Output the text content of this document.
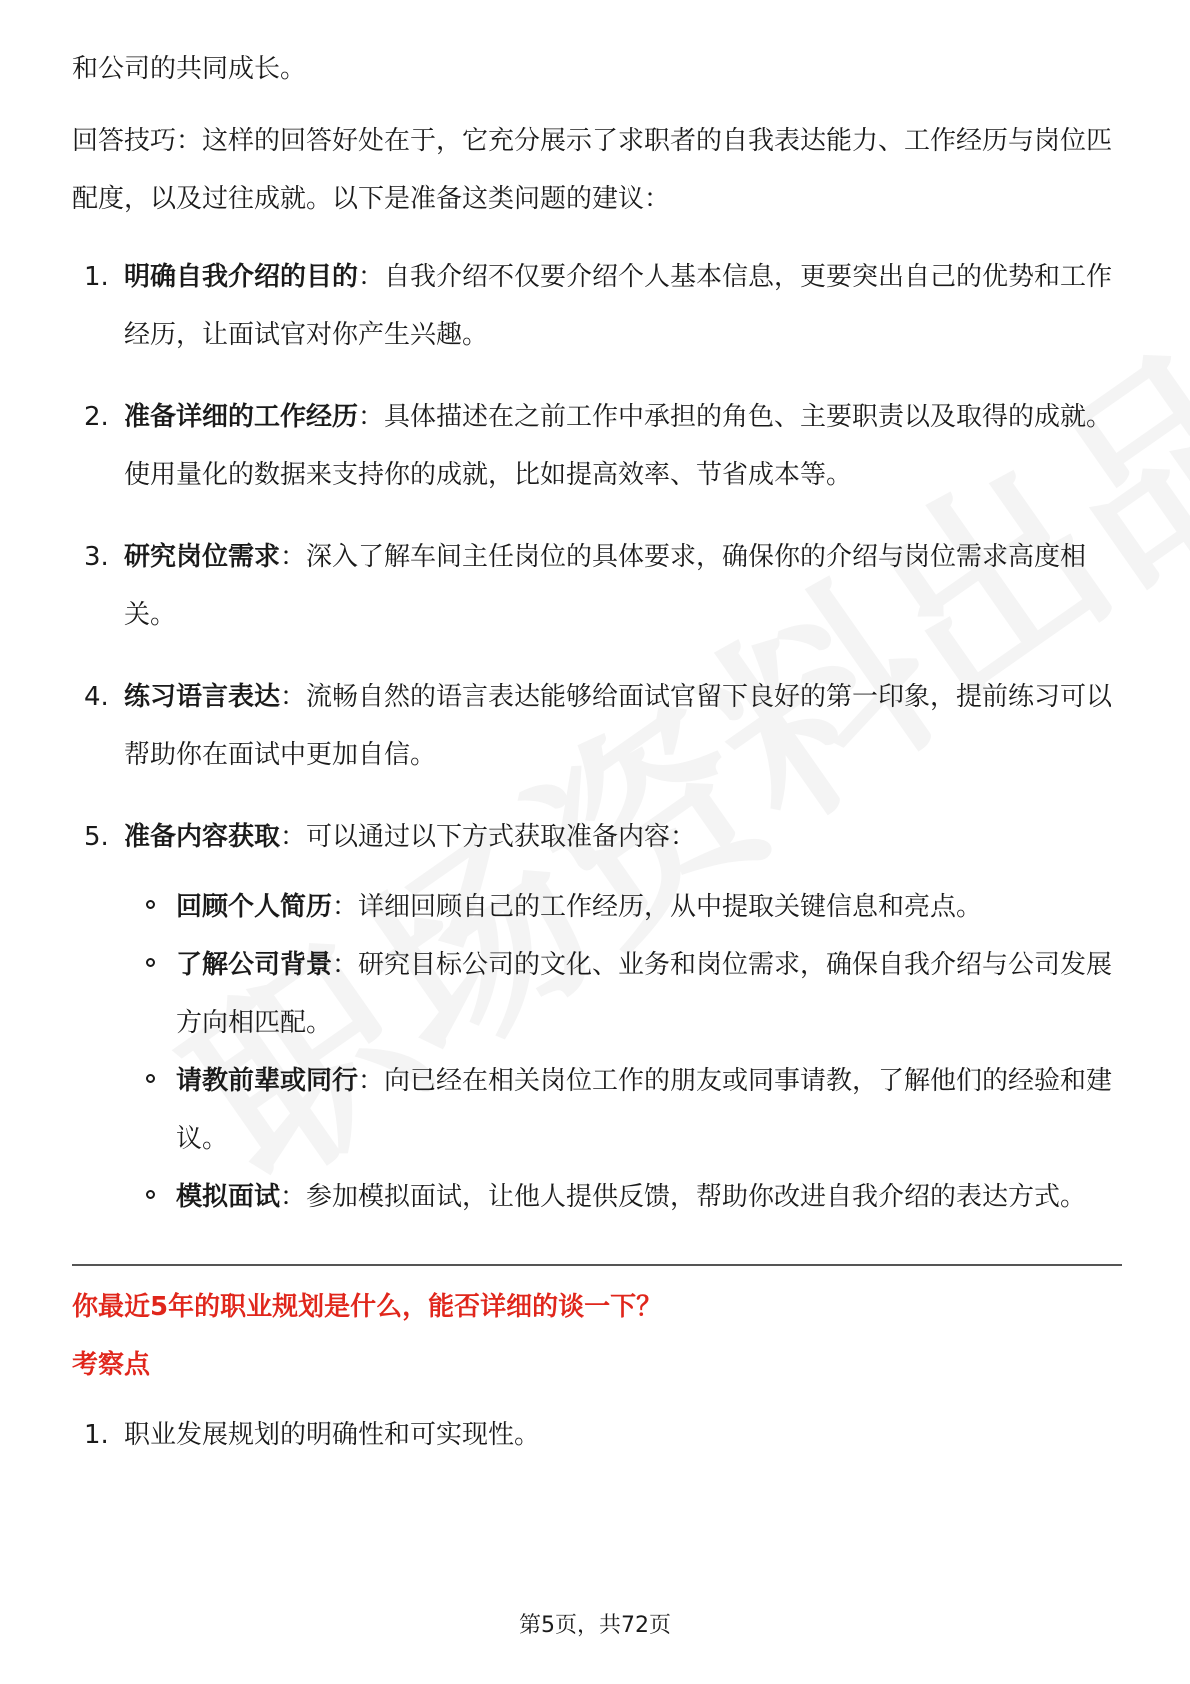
和公司的共同成长。

回答技巧：这样的回答好处在于，它充分展示了求职者的自我表达能力、工作经历与岗位匹配度，以及过往成就。以下是准备这类问题的建议：

1. 明确自我介绍的目的：自我介绍不仅要介绍个人基本信息，更要突出自己的优势和工作经历，让面试官对你产生兴趣。
2. 准备详细的工作经历：具体描述在之前工作中承担的角色、主要职责以及取得的成就。使用量化的数据来支持你的成就，比如提高效率、节省成本等。
3. 研究岗位需求：深入了解车间主任岗位的具体要求，确保你的介绍与岗位需求高度相关。
4. 练习语言表达：流畅自然的语言表达能够给面试官留下良好的第一印象，提前练习可以帮助你在面试中更加自信。
5. 准备内容获取：可以通过以下方式获取准备内容：
回顾个人简历：详细回顾自己的工作经历，从中提取关键信息和亮点。
了解公司背景：研究目标公司的文化、业务和岗位需求，确保自我介绍与公司发展方向相匹配。
请教前辈或同行：向已经在相关岗位工作的朋友或同事请教，了解他们的经验和建议。
模拟面试：参加模拟面试，让他人提供反馈，帮助你改进自我介绍的表达方式。
你最近5年的职业规划是什么，能否详细的谈一下？
考察点
1. 职业发展规划的明确性和可实现性。
第5页，共72页
